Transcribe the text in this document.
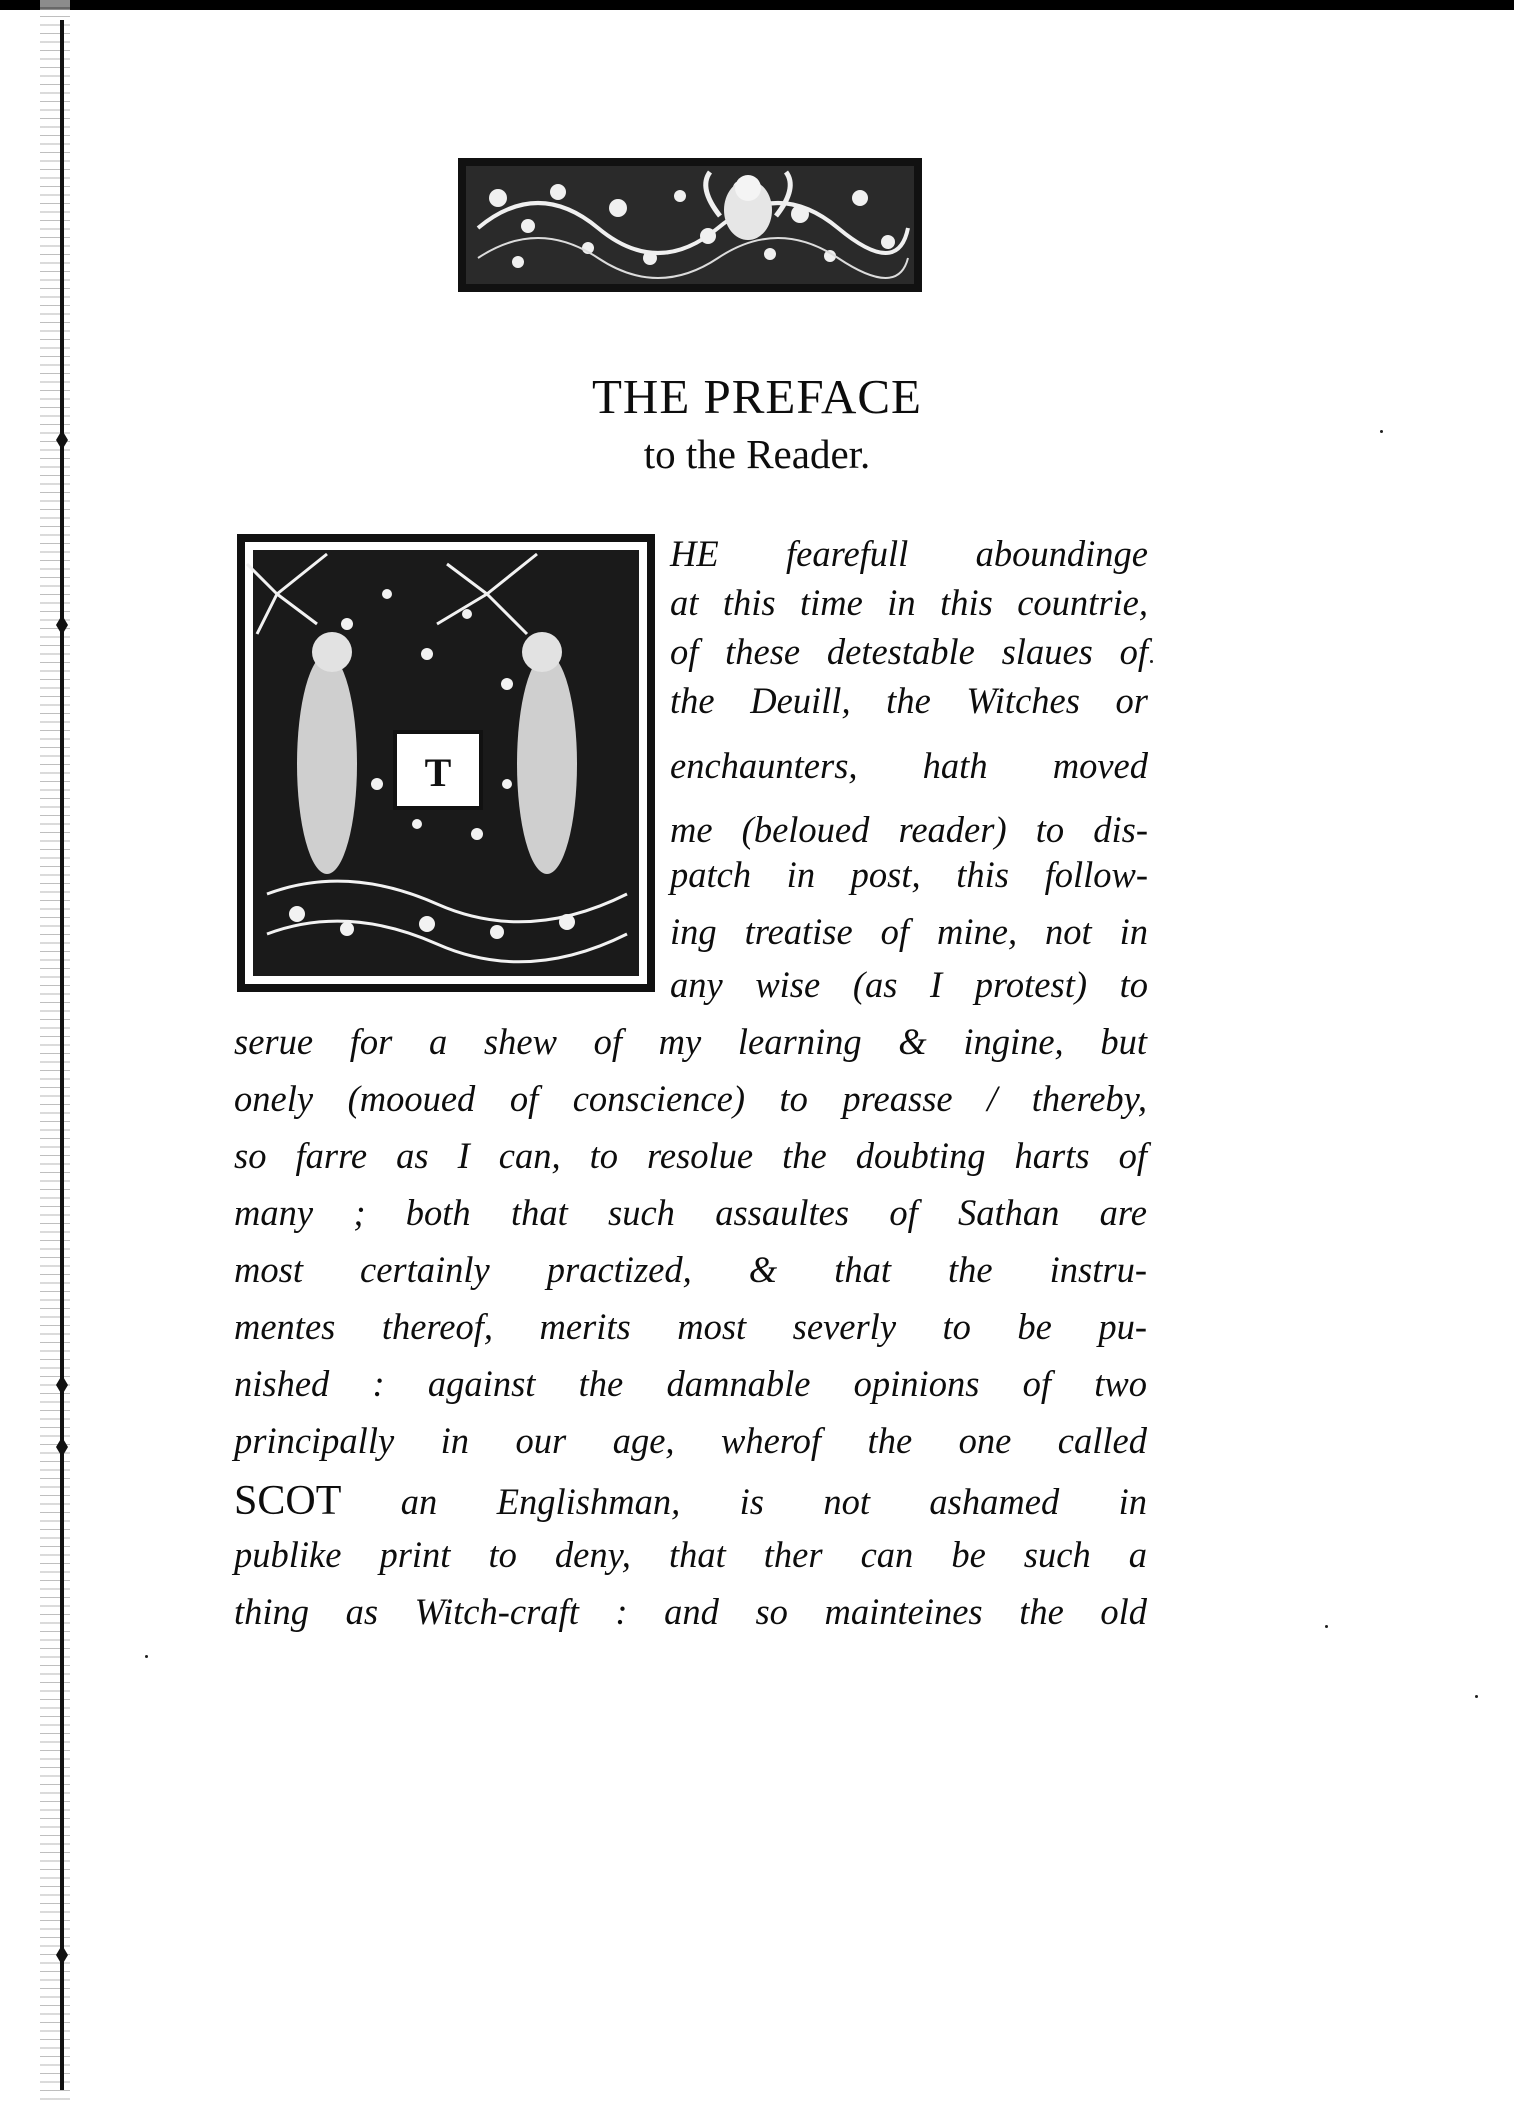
THE PREFACE
to the Reader.
T
HE fearefull aboundinge
at this time in this countrie,
of these detestable slaues of
the Deuill, the Witches or
enchaunters, hath moved
me (beloued reader) to dis-
patch in post, this follow-
ing treatise of mine, not in
any wise (as I protest) to
serue for a shew of my learning & ingine, but
onely (mooued of conscience) to preasse / thereby,
so farre as I can, to resolue the doubting harts of
many ; both that such assaultes of Sathan are
most certainly practized, & that the instru-
mentes thereof, merits most severly to be pu-
nished : against the damnable opinions of two
principally in our age, wherof the one called
SCOT an Englishman, is not ashamed in
publike print to deny, that ther can be such a
thing as Witch-craft : and so mainteines the old
